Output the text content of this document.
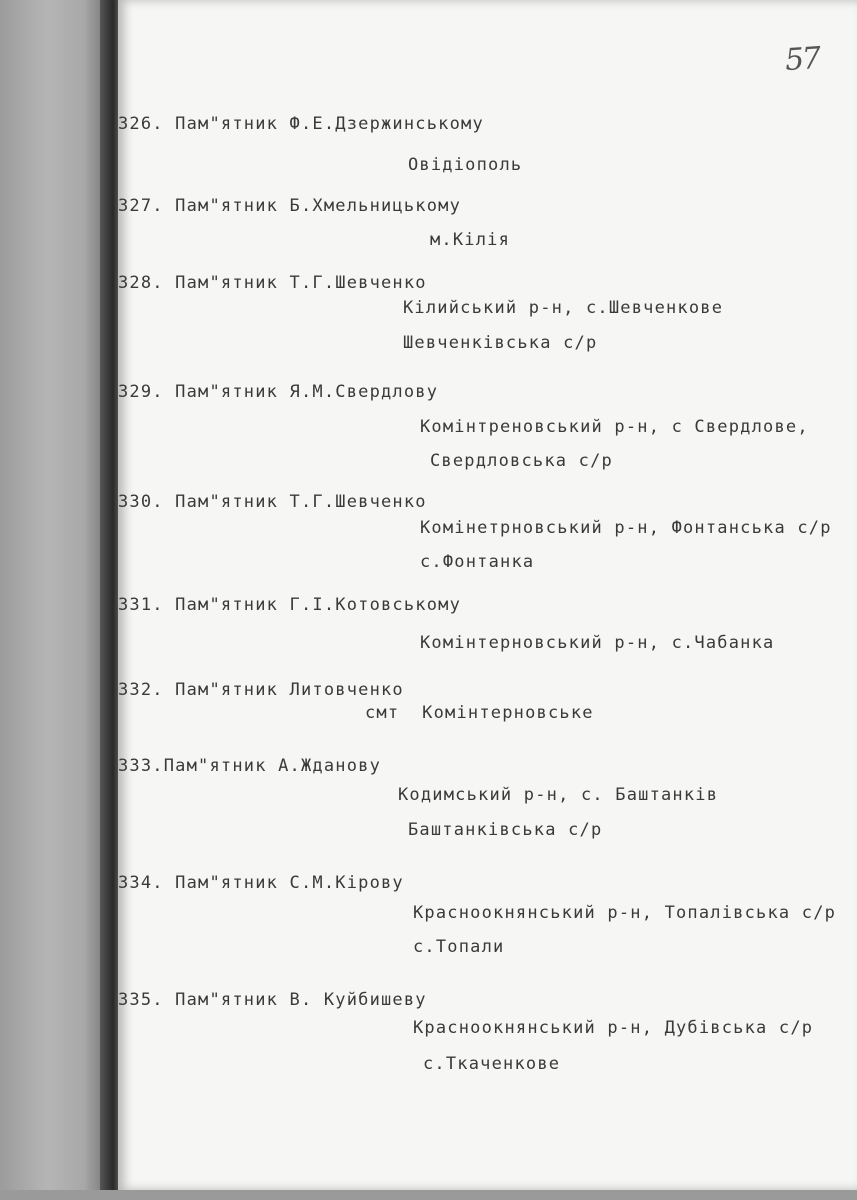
57
326. Пам"ятник Ф.Е.Дзержинському
Овідіополь
327. Пам"ятник Б.Хмельницькому
м.Кілія
328. Пам"ятник Т.Г.Шевченко
Кілийський р-н, с.Шевченкове
Шевченківська с/р
329. Пам"ятник Я.М.Свердлову
Комінтреновський р-н, с Свердлове,
Свердловська с/р
330. Пам"ятник Т.Г.Шевченко
Комінетрновський р-н, Фонтанська с/р
с.Фонтанка
331. Пам"ятник Г.І.Котовському
Комінтерновський р-н, с.Чабанка
332. Пам"ятник Литовченко
смт  Комінтерновське
333.Пам"ятник А.Жданову
Кодимський р-н, с. Баштанків
Баштанківська с/р
334. Пам"ятник С.М.Кірову
Красноокнянський р-н, Топалівська с/р
с.Топали
335. Пам"ятник В. Куйбишеву
Красноокнянський р-н, Дубівська с/р
с.Ткаченкове
